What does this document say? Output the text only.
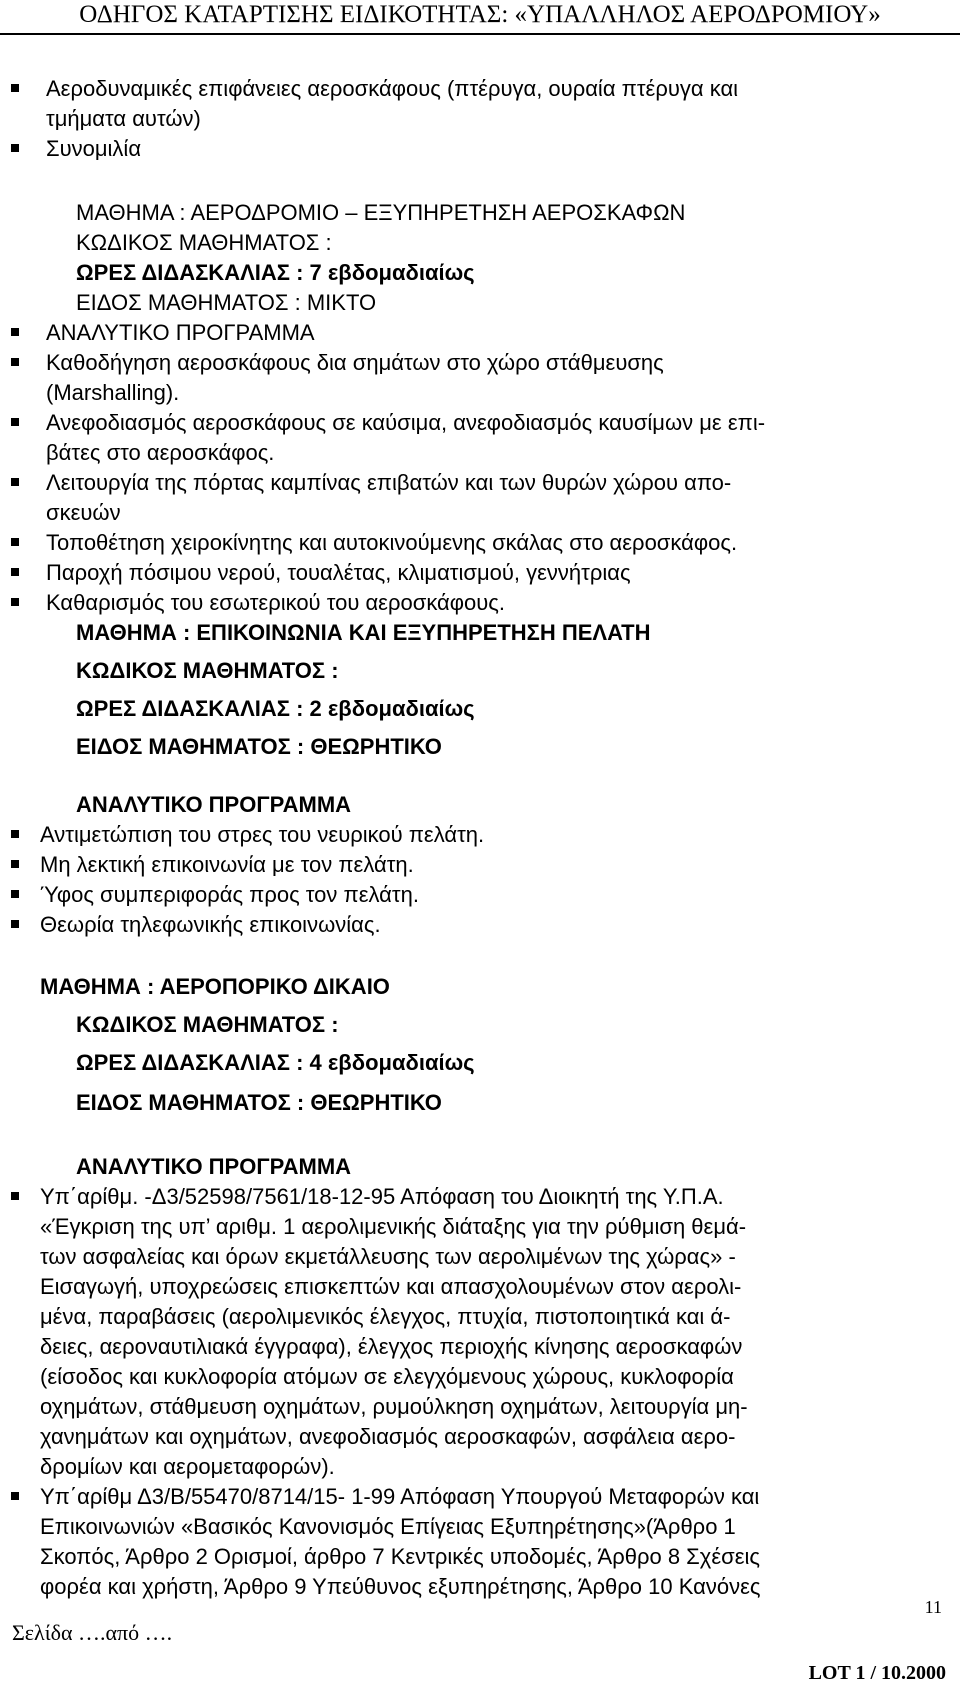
ΟΔΗΓΟΣ ΚΑΤΑΡΤΙΣΗΣ ΕΙΔΙΚΟΤΗΤΑΣ: «ΥΠΑΛΛΗΛΟΣ ΑΕΡΟΔΡΟΜΙΟΥ»
Αεροδυναμικές επιφάνειες αεροσκάφους (πτέρυγα, ουραία πτέρυγα και
τμήματα αυτών)
Συνομιλία
ΜΑΘΗΜΑ : ΑΕΡΟΔΡΟΜΙΟ – ΕΞΥΠΗΡΕΤΗΣΗ ΑΕΡΟΣΚΑΦΩΝ
ΚΩΔΙΚΟΣ ΜΑΘΗΜΑΤΟΣ :
ΩΡΕΣ ΔΙΔΑΣΚΑΛΙΑΣ : 7 εβδομαδιαίως
ΕΙΔΟΣ ΜΑΘΗΜΑΤΟΣ : ΜΙΚΤΟ
ΑΝΑΛΥΤΙΚΟ ΠΡΟΓΡΑΜΜΑ
Καθοδήγηση αεροσκάφους δια σημάτων στο χώρο στάθμευσης
(Marshalling).
Ανεφοδιασμός αεροσκάφους σε καύσιμα, ανεφοδιασμός καυσίμων με επι-
βάτες στο αεροσκάφος.
Λειτουργία της πόρτας καμπίνας επιβατών και των θυρών χώρου απο-
σκευών
Τοποθέτηση χειροκίνητης και αυτοκινούμενης σκάλας στο αεροσκάφος.
Παροχή πόσιμου νερού, τουαλέτας, κλιματισμού, γεννήτριας
Καθαρισμός του εσωτερικού του αεροσκάφους.
ΜΑΘΗΜΑ : ΕΠΙΚΟΙΝΩΝΙΑ ΚΑΙ ΕΞΥΠΗΡΕΤΗΣΗ ΠΕΛΑΤΗ
ΚΩΔΙΚΟΣ ΜΑΘΗΜΑΤΟΣ :
ΩΡΕΣ ΔΙΔΑΣΚΑΛΙΑΣ : 2 εβδομαδιαίως
ΕΙΔΟΣ ΜΑΘΗΜΑΤΟΣ : ΘΕΩΡΗΤΙΚΟ
ΑΝΑΛΥΤΙΚΟ ΠΡΟΓΡΑΜΜΑ
Αντιμετώπιση του στρες του νευρικού πελάτη.
Μη λεκτική επικοινωνία με τον πελάτη.
Ύφος συμπεριφοράς προς τον πελάτη.
Θεωρία τηλεφωνικής επικοινωνίας.
ΜΑΘΗΜΑ : ΑΕΡΟΠΟΡΙΚΟ ΔΙΚΑΙΟ
ΚΩΔΙΚΟΣ ΜΑΘΗΜΑΤΟΣ :
ΩΡΕΣ ΔΙΔΑΣΚΑΛΙΑΣ : 4 εβδομαδιαίως
ΕΙΔΟΣ ΜΑΘΗΜΑΤΟΣ : ΘΕΩΡΗΤΙΚΟ
ΑΝΑΛΥΤΙΚΟ ΠΡΟΓΡΑΜΜΑ
Υπ΄αρίθμ. -Δ3/52598/7561/18-12-95 Απόφαση του Διοικητή της Υ.Π.Α.
«Έγκριση της υπ’ αριθμ. 1 αερολιμενικής διάταξης για την ρύθμιση θεμά-
των ασφαλείας και όρων εκμετάλλευσης των αερολιμένων της χώρας» -
Εισαγωγή, υποχρεώσεις επισκεπτών και απασχολουμένων στον αερολι-
μένα, παραβάσεις (αερολιμενικός έλεγχος, πτυχία, πιστοποιητικά και ά-
δειες, αεροναυτιλιακά έγγραφα), έλεγχος περιοχής κίνησης αεροσκαφών
(είσοδος και κυκλοφορία ατόμων σε ελεγχόμενους χώρους, κυκλοφορία
οχημάτων, στάθμευση οχημάτων, ρυμούλκηση οχημάτων, λειτουργία μη-
χανημάτων και οχημάτων, ανεφοδιασμός αεροσκαφών, ασφάλεια αερο-
δρομίων και αερομεταφορών).
Υπ΄αρίθμ Δ3/Β/55470/8714/15- 1-99 Απόφαση Υπουργού Μεταφορών και
Επικοινωνιών «Βασικός Κανονισμός Επίγειας Εξυπηρέτησης»(Άρθρο 1
Σκοπός, Άρθρο 2 Ορισμοί, άρθρο 7 Κεντρικές υποδομές, Άρθρο 8 Σχέσεις
φορέα και χρήστη, Άρθρο 9 Υπεύθυνος εξυπηρέτησης, Άρθρο 10 Κανόνες
11
Σελίδα ….από ….
LOT 1 / 10.2000
